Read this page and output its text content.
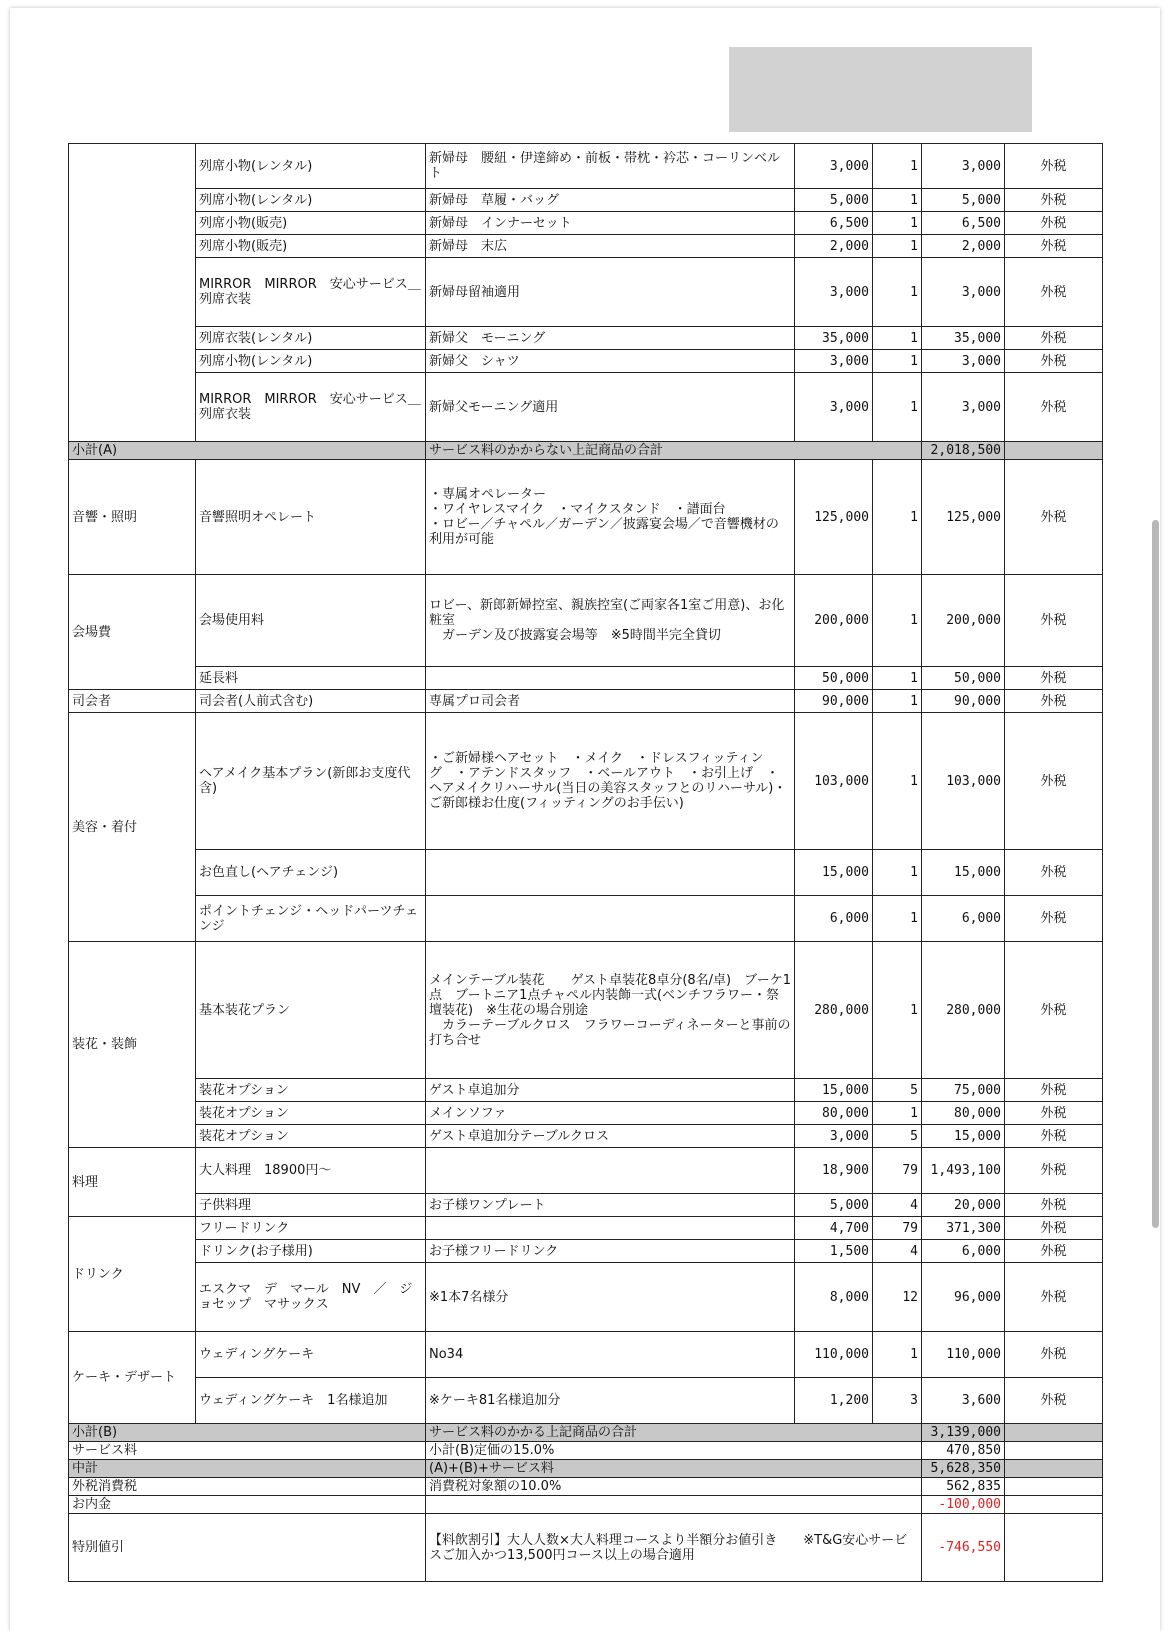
	列席小物(レンタル)	新婦母　腰紐・伊達締め・前板・帯枕・衿芯・コーリンベルト	3,000	1	3,000	外税
	列席小物(レンタル)	新婦母　草履・バッグ	5,000	1	5,000	外税
	列席小物(販売)	新婦母　インナーセット	6,500	1	6,500	外税
	列席小物(販売)	新婦母　末広	2,000	1	2,000	外税
	MIRROR　MIRROR　安心サービス＿列席衣装	新婦母留袖適用	3,000	1	3,000	外税
	列席衣装(レンタル)	新婦父　モーニング	35,000	1	35,000	外税
	列席小物(レンタル)	新婦父　シャツ	3,000	1	3,000	外税
	MIRROR　MIRROR　安心サービス＿列席衣装	新婦父モーニング適用	3,000	1	3,000	外税
小計(A)		サービス料のかからない上記商品の合計			2,018,500	
音響・照明	音響照明オペレート	・専属オペレーター
・ワイヤレスマイク　・マイクスタンド　・譜面台
・ロビー／チャペル／ガーデン／披露宴会場／で音響機材の利用が可能	125,000	1	125,000	外税
会場費	会場使用料	ロビー、新郎新婦控室、親族控室(ご両家各1室ご用意)、お化粧室
　ガーデン及び披露宴会場等　※5時間半完全貸切	200,000	1	200,000	外税
	延長料		50,000	1	50,000	外税
司会者	司会者(人前式含む)	専属プロ司会者	90,000	1	90,000	外税
美容・着付	ヘアメイク基本プラン(新郎お支度代含)	・ご新婦様ヘアセット　・メイク　・ドレスフィッティング　・アテンドスタッフ　・ベールアウト　・お引上げ　・ヘアメイクリハーサル(当日の美容スタッフとのリハーサル)・ご新郎様お仕度(フィッティングのお手伝い)	103,000	1	103,000	外税
	お色直し(ヘアチェンジ)		15,000	1	15,000	外税
	ポイントチェンジ・ヘッドパーツチェンジ		6,000	1	6,000	外税
装花・装飾	基本装花プラン	メインテーブル装花　　ゲスト卓装花8卓分(8名/卓)　ブーケ1点　ブートニア1点チャペル内装飾一式(ベンチフラワー・祭壇装花)　※生花の場合別途
　カラーテーブルクロス　フラワーコーディネーターと事前の打ち合せ	280,000	1	280,000	外税
	装花オプション	ゲスト卓追加分	15,000	5	75,000	外税
	装花オプション	メインソファ	80,000	1	80,000	外税
	装花オプション	ゲスト卓追加分テーブルクロス	3,000	5	15,000	外税
料理	大人料理　18900円～		18,900	79	1,493,100	外税
	子供料理	お子様ワンプレート	5,000	4	20,000	外税
ドリンク	フリードリンク		4,700	79	371,300	外税
	ドリンク(お子様用)	お子様フリードリンク	1,500	4	6,000	外税
	エスクマ　デ　マール　NV　／　ジョセップ　マサックス	※1本7名様分	8,000	12	96,000	外税
ケーキ・デザート	ウェディングケーキ	No34	110,000	1	110,000	外税
	ウェディングケーキ　1名様追加	※ケーキ81名様追加分	1,200	3	3,600	外税
小計(B)		サービス料のかかる上記商品の合計			3,139,000	
サービス料		小計(B)定価の15.0%			470,850	
中計		(A)+(B)+サービス料			5,628,350	
外税消費税		消費税対象額の10.0%			562,835	
お内金					-100,000	
特別値引		【料飲割引】大人人数×大人料理コースより半額分お値引き　　※T&G安心サービスご加入かつ13,500円コース以上の場合適用			-746,550	
